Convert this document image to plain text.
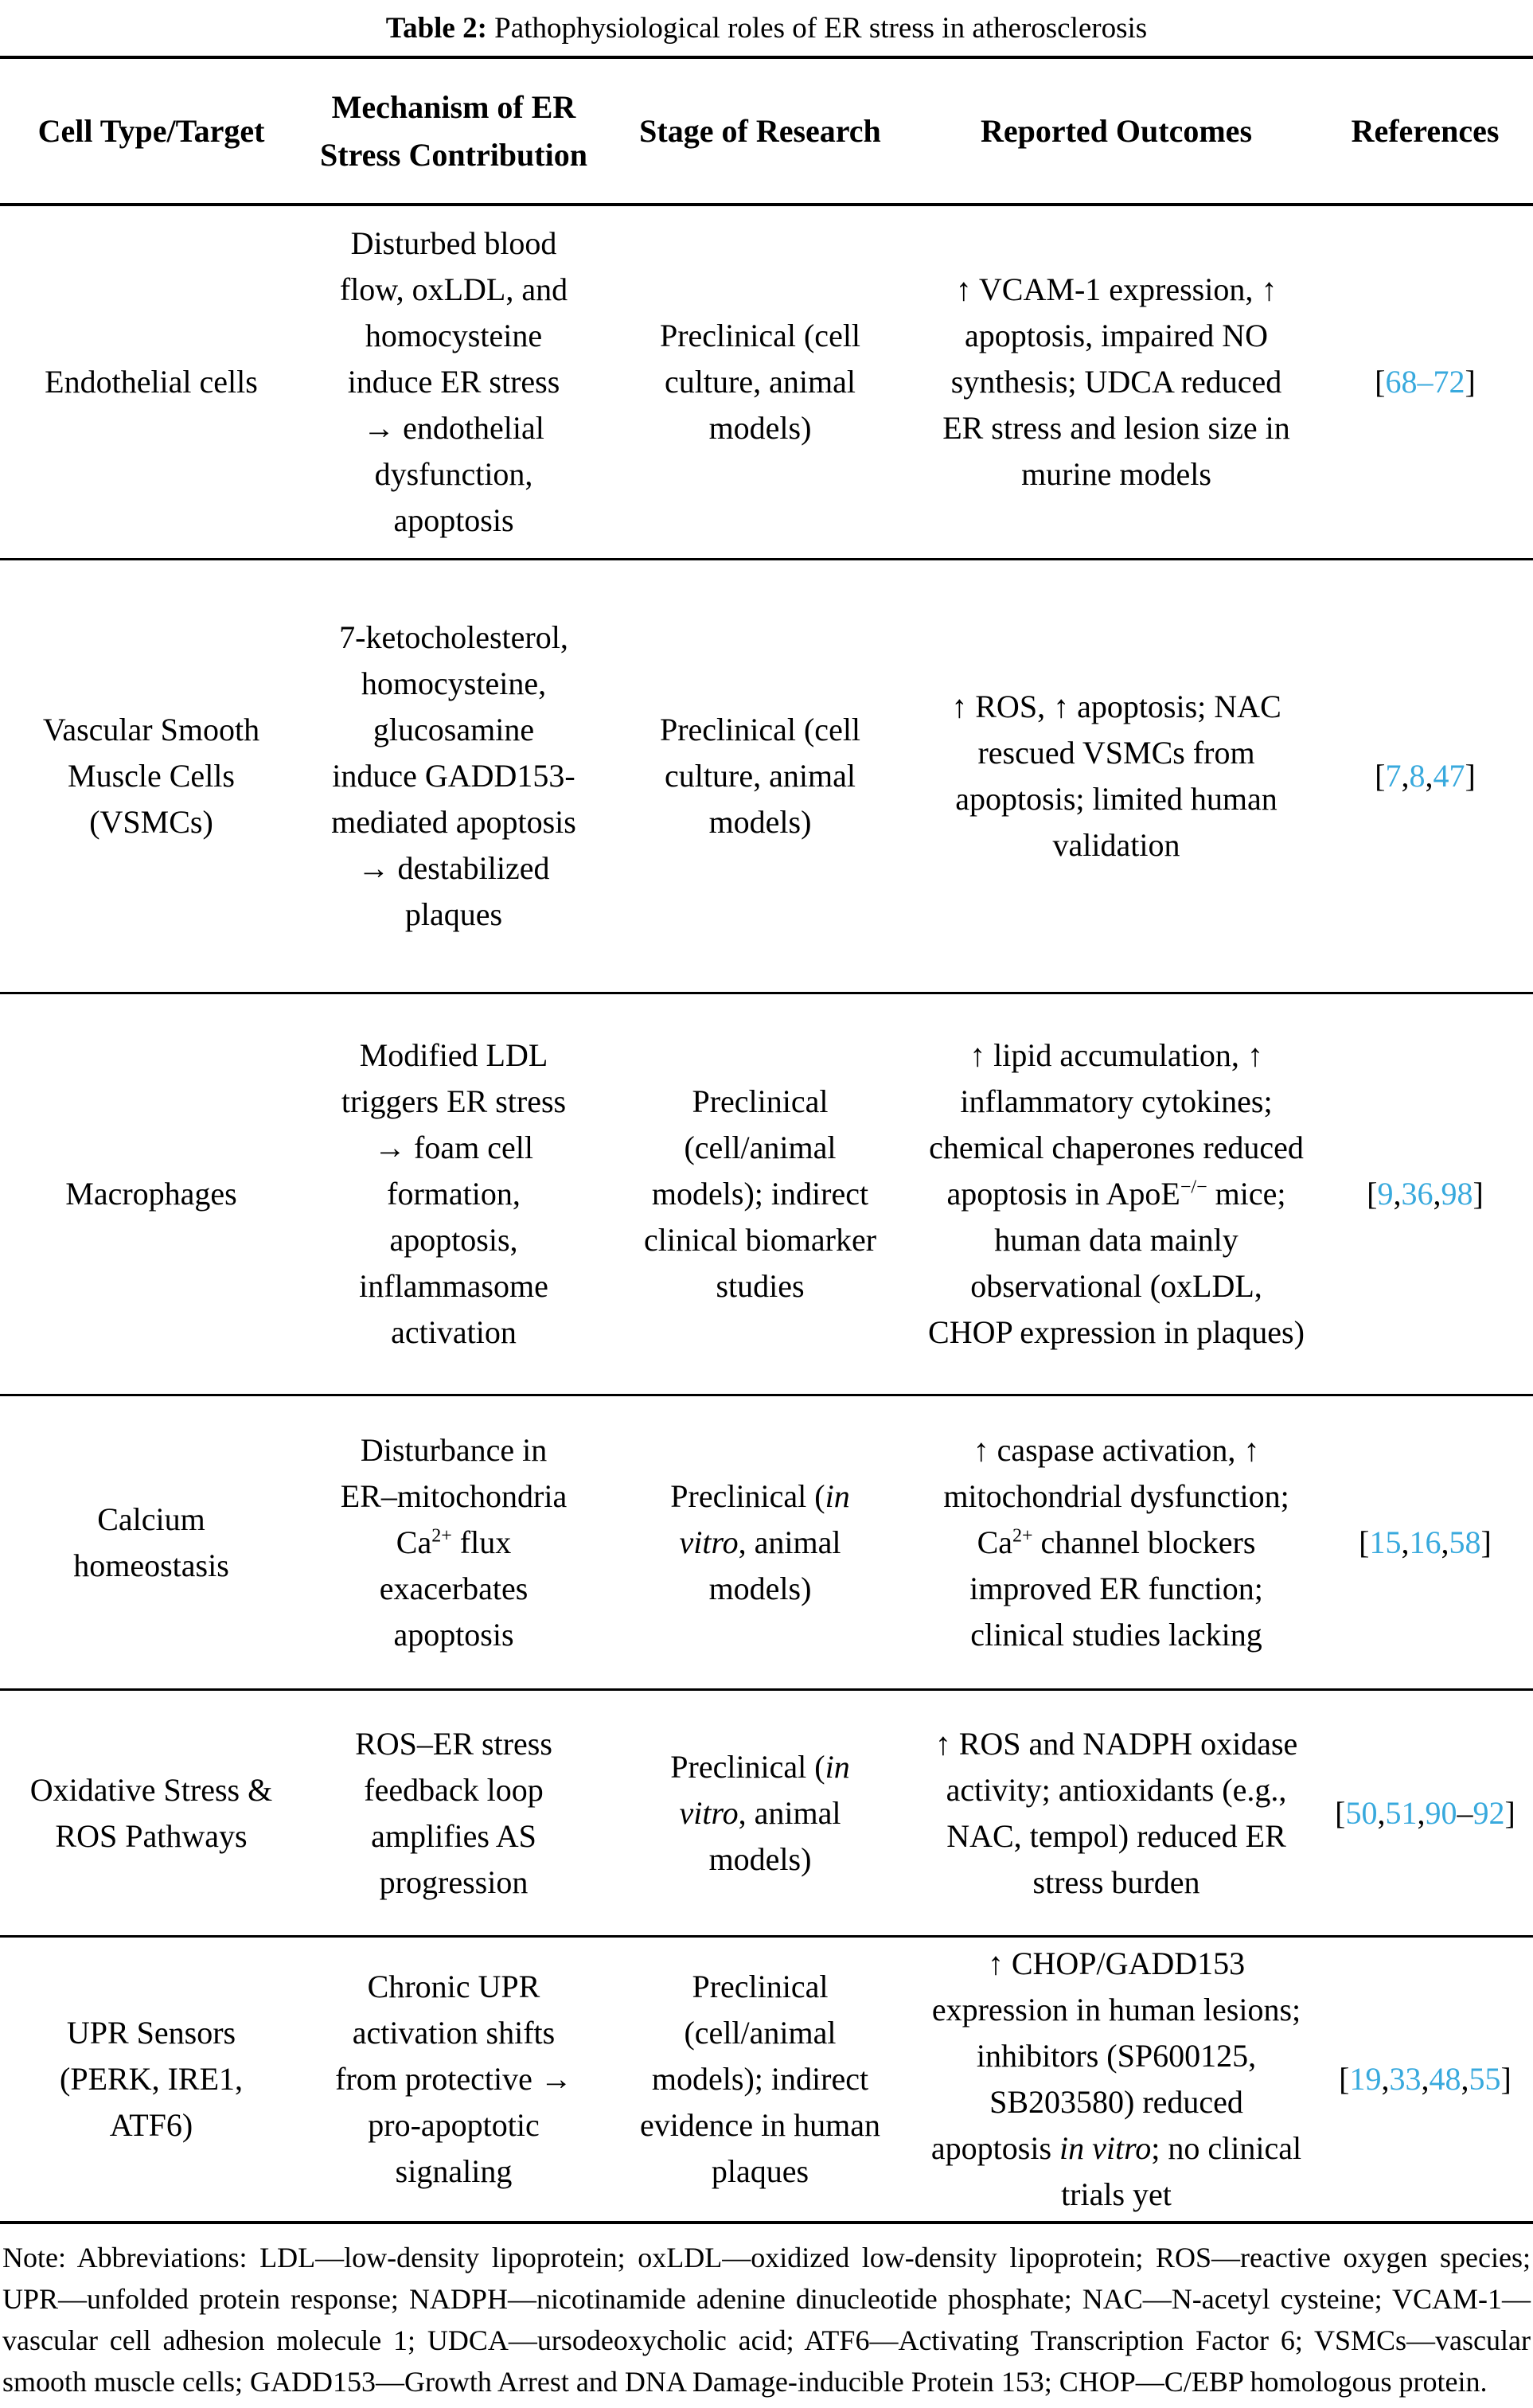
Table 2: Pathophysiological roles of ER stress in atherosclerosis
Cell Type/Target
Mechanism of ER Stress Contribution
Stage of Research	Reported Outcomes	References
Endothelial cells
Disturbed blood flow, oxLDL, and homocysteine induce ER stress → endothelial dysfunction, apoptosis
Preclinical (cell culture, animal models)
↑ VCAM-1 expression, ↑ apoptosis, impaired NO synthesis; UDCA reduced ER stress and lesion size in murine models
[68–72]
Vascular Smooth Muscle Cells (VSMCs)
7-ketocholesterol, homocysteine, glucosamine induce GADD153-mediated apoptosis → destabilized plaques
Preclinical (cell culture, animal models)
↑ ROS, ↑ apoptosis; NAC rescued VSMCs from apoptosis; limited human validation
[7,8,47]
Macrophages
Modified LDL triggers ER stress → foam cell formation, apoptosis, inflammasome activation
Preclinical (cell/animal models); indirect clinical biomarker studies
↑ lipid accumulation, ↑ inflammatory cytokines; chemical chaperones reduced apoptosis in ApoE−/− mice; human data mainly observational (oxLDL, CHOP expression in plaques)
[9,36,98]
Calcium homeostasis
Disturbance in ER–mitochondria $Ca^{2+}$ flux exacerbates apoptosis
Preclinical (in vitro, animal models)
↑ caspase activation, ↑ mitochondrial dysfunction; $Ca^{2+}$ channel blockers improved ER function; clinical studies lacking
[15,16,58]
Oxidative Stress & ROS Pathways
ROS–ER stress feedback loop amplifies AS progression
Preclinical (in vitro, animal models)
↑ ROS and NADPH oxidase activity; antioxidants (e.g., NAC, tempol) reduced ER stress burden
[50,51,90–92]
UPR Sensors (PERK, IRE1, ATF6)
Chronic UPR activation shifts from protective → pro-apoptotic signaling
Preclinical (cell/animal models); indirect evidence in human plaques
↑ CHOP/GADD153 expression in human lesions; inhibitors (SP600125, SB203580) reduced apoptosis in vitro; no clinical trials yet
[19,33,48,55]
Note: Abbreviations: LDL—low-density lipoprotein; oxLDL—oxidized low-density lipoprotein; ROS—reactive oxygen species; UPR—unfolded protein response; NADPH—nicotinamide adenine dinucleotide phosphate; NAC—N-acetyl cysteine; VCAM-1—vascular cell adhesion molecule 1; UDCA—ursodeoxycholic acid; ATF6—Activating Transcription Factor 6; VSMCs—vascular smooth muscle cells; GADD153—Growth Arrest and DNA Damage-inducible Protein 153; CHOP—C/EBP homologous protein.
